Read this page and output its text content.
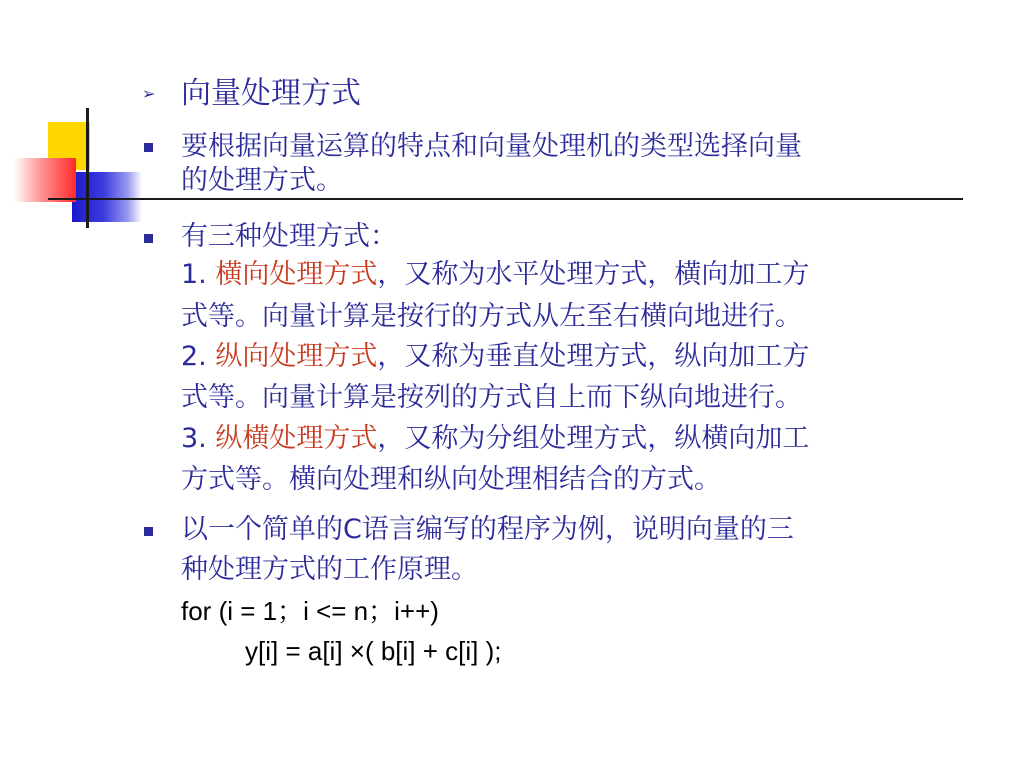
➢ 向量处理方式
要根据向量运算的特点和向量处理机的类型选择向量
的处理方式。
有三种处理方式：
1. 横向处理方式，又称为水平处理方式，横向加工方
式等。向量计算是按行的方式从左至右横向地进行。
2. 纵向处理方式，又称为垂直处理方式，纵向加工方
式等。向量计算是按列的方式自上而下纵向地进行。
3. 纵横处理方式，又称为分组处理方式，纵横向加工
方式等。横向处理和纵向处理相结合的方式。
以一个简单的C语言编写的程序为例，说明向量的三
种处理方式的工作原理。
for (i = 1；i <= n；i++)
y[i] = a[i] ×( b[i] + c[i] );
